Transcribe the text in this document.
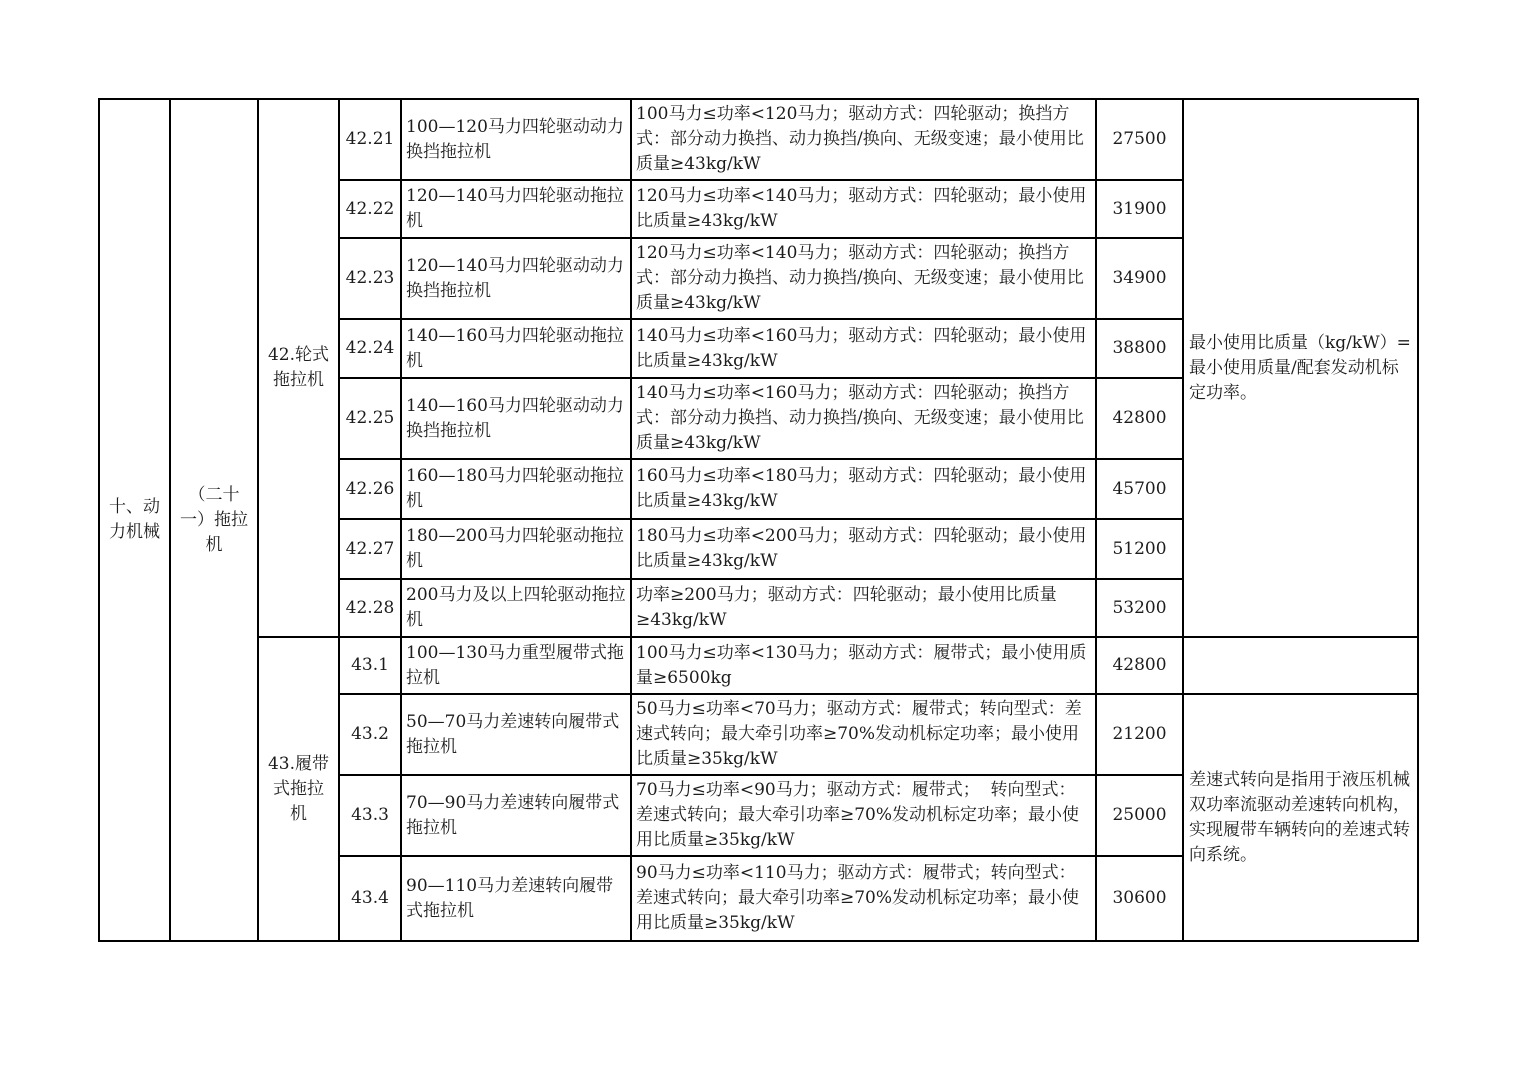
十、动力机械	（二十一）拖拉机	42.轮式拖拉机	42.21	100—120马力四轮驱动动力换挡拖拉机	100马力≤功率<120马力；驱动方式：四轮驱动；换挡方式：部分动力换挡、动力换挡/换向、无级变速；最小使用比质量≥43kg/kW	27500	最小使用比质量（kg/kW）=最小使用质量/配套发动机标定功率。
			42.22	120—140马力四轮驱动拖拉机	120马力≤功率<140马力；驱动方式：四轮驱动；最小使用比质量≥43kg/kW	31900	
			42.23	120—140马力四轮驱动动力换挡拖拉机	120马力≤功率<140马力；驱动方式：四轮驱动；换挡方式：部分动力换挡、动力换挡/换向、无级变速；最小使用比质量≥43kg/kW	34900	
			42.24	140—160马力四轮驱动拖拉机	140马力≤功率<160马力；驱动方式：四轮驱动；最小使用比质量≥43kg/kW	38800	
			42.25	140—160马力四轮驱动动力换挡拖拉机	140马力≤功率<160马力；驱动方式：四轮驱动；换挡方式：部分动力换挡、动力换挡/换向、无级变速；最小使用比质量≥43kg/kW	42800	
			42.26	160—180马力四轮驱动拖拉机	160马力≤功率<180马力；驱动方式：四轮驱动；最小使用比质量≥43kg/kW	45700	
			42.27	180—200马力四轮驱动拖拉机	180马力≤功率<200马力；驱动方式：四轮驱动；最小使用比质量≥43kg/kW	51200	
			42.28	200马力及以上四轮驱动拖拉机	功率≥200马力；驱动方式：四轮驱动；最小使用比质量≥43kg/kW	53200	
		43.履带式拖拉机	43.1	100—130马力重型履带式拖拉机	100马力≤功率<130马力；驱动方式：履带式；最小使用质量≥6500kg	42800	
			43.2	50—70马力差速转向履带式拖拉机	50马力≤功率<70马力；驱动方式：履带式；转向型式：差速式转向；最大牵引功率≥70%发动机标定功率；最小使用比质量≥35kg/kW	21200	差速式转向是指用于液压机械双功率流驱动差速转向机构，实现履带车辆转向的差速式转向系统。
			43.3	70—90马力差速转向履带式拖拉机	70马力≤功率<90马力；驱动方式：履带式；  转向型式：差速式转向；最大牵引功率≥70%发动机标定功率；最小使用比质量≥35kg/kW	25000	
			43.4	90—110马力差速转向履带式拖拉机	90马力≤功率<110马力；驱动方式：履带式；转向型式：差速式转向；最大牵引功率≥70%发动机标定功率；最小使用比质量≥35kg/kW	30600	
